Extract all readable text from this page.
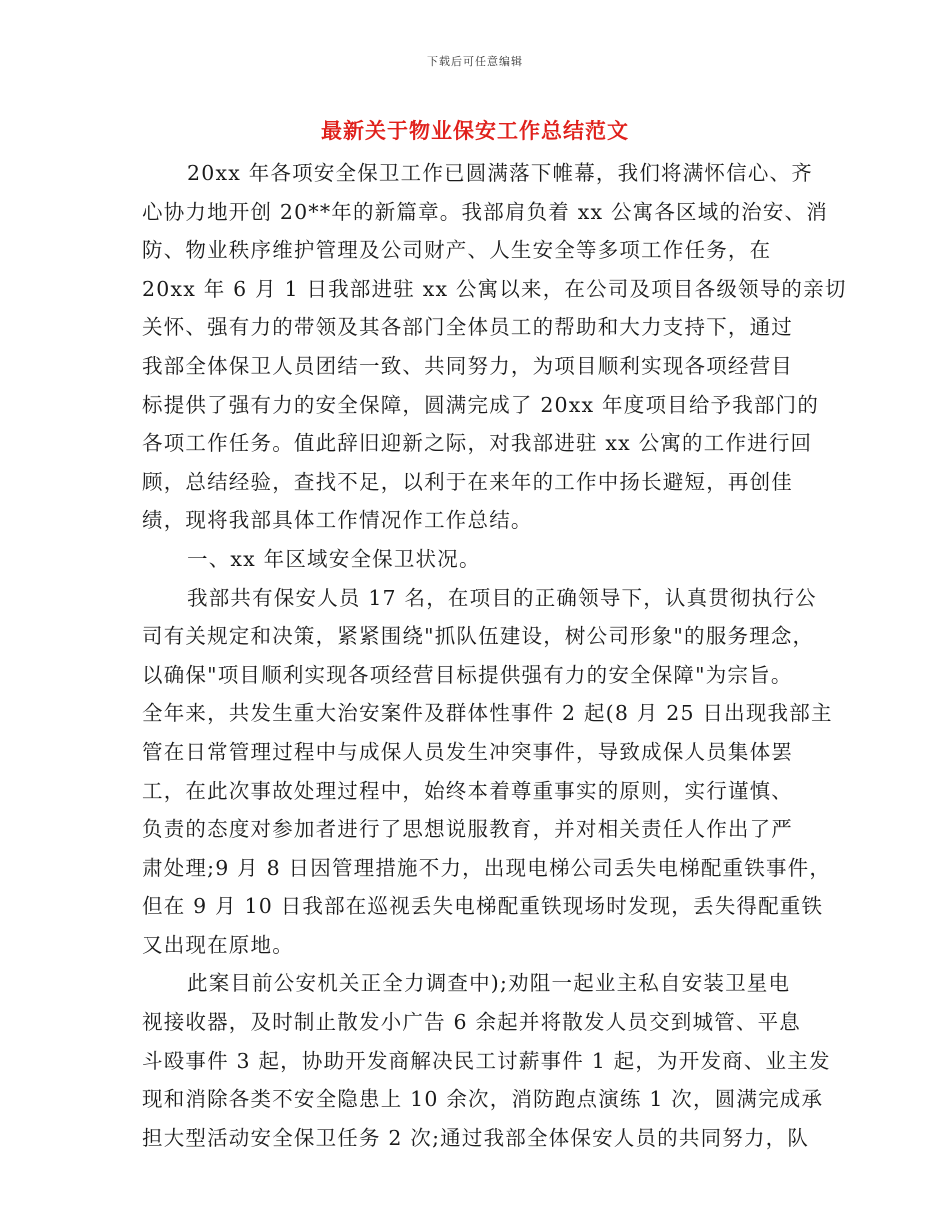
下载后可任意编辑
最新关于物业保安工作总结范文
20xx 年各项安全保卫工作已圆满落下帷幕，我们将满怀信心、齐
心协力地开创 20**年的新篇章。我部肩负着 xx 公寓各区域的治安、消
防、物业秩序维护管理及公司财产、人生安全等多项工作任务，在
20xx 年 6 月 1 日我部进驻 xx 公寓以来，在公司及项目各级领导的亲切
关怀、强有力的带领及其各部门全体员工的帮助和大力支持下，通过
我部全体保卫人员团结一致、共同努力，为项目顺利实现各项经营目
标提供了强有力的安全保障，圆满完成了 20xx 年度项目给予我部门的
各项工作任务。值此辞旧迎新之际，对我部进驻 xx 公寓的工作进行回
顾，总结经验，查找不足，以利于在来年的工作中扬长避短，再创佳
绩，现将我部具体工作情况作工作总结。
一、xx 年区域安全保卫状况。
我部共有保安人员 17 名，在项目的正确领导下，认真贯彻执行公
司有关规定和决策，紧紧围绕"抓队伍建设，树公司形象"的服务理念，
以确保"项目顺利实现各项经营目标提供强有力的安全保障"为宗旨。
全年来，共发生重大治安案件及群体性事件 2 起(8 月 25 日出现我部主
管在日常管理过程中与成保人员发生冲突事件，导致成保人员集体罢
工，在此次事故处理过程中，始终本着尊重事实的原则，实行谨慎、
负责的态度对参加者进行了思想说服教育，并对相关责任人作出了严
肃处理;9 月 8 日因管理措施不力，出现电梯公司丢失电梯配重铁事件，
但在 9 月 10 日我部在巡视丢失电梯配重铁现场时发现，丢失得配重铁
又出现在原地。
此案目前公安机关正全力调查中);劝阻一起业主私自安装卫星电
视接收器，及时制止散发小广告 6 余起并将散发人员交到城管、平息
斗殴事件 3 起，协助开发商解决民工讨薪事件 1 起，为开发商、业主发
现和消除各类不安全隐患上 10 余次，消防跑点演练 1 次，圆满完成承
担大型活动安全保卫任务 2 次;通过我部全体保安人员的共同努力，队
